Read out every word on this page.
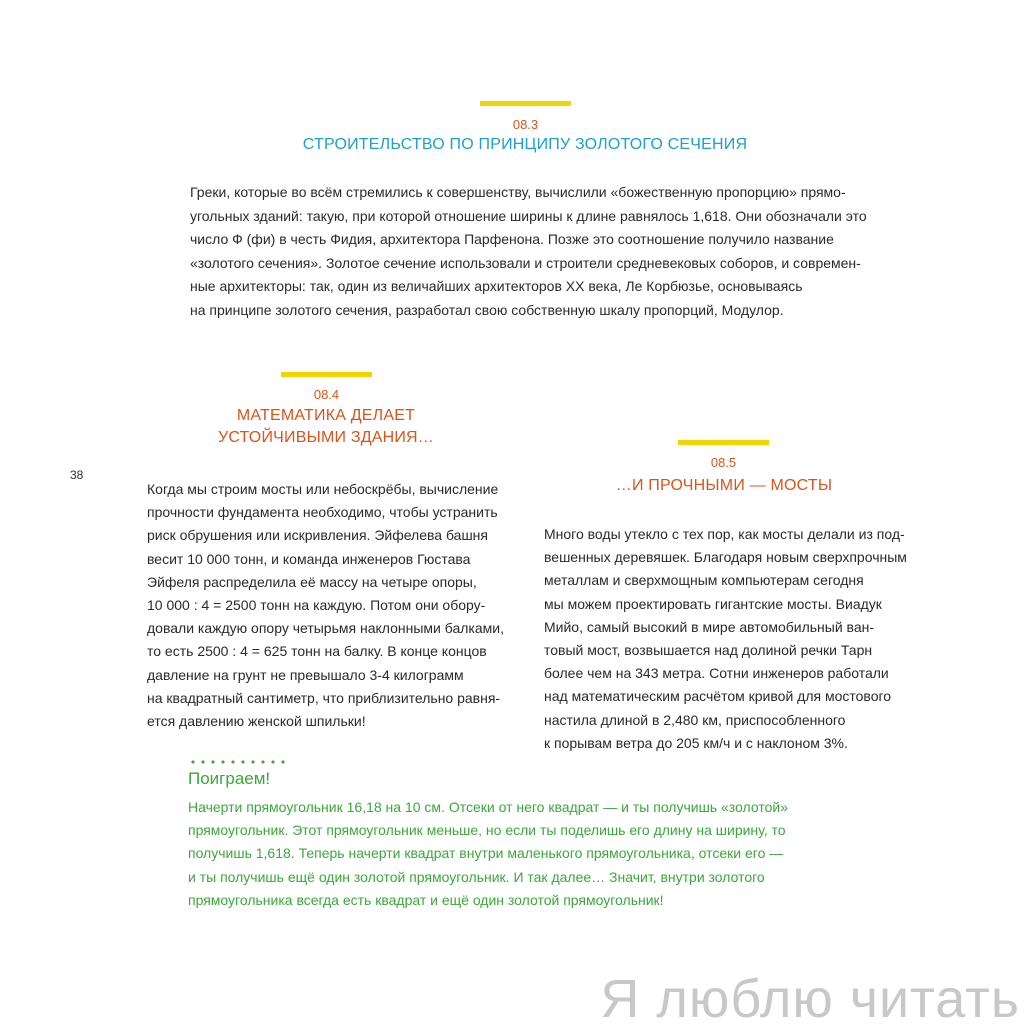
08.3
СТРОИТЕЛЬСТВО ПО ПРИНЦИПУ ЗОЛОТОГО СЕЧЕНИЯ
Греки, которые во всём стремились к совершенству, вычислили «божественную пропорцию» прямо-
угольных зданий: такую, при которой отношение ширины к длине равнялось 1,618. Они обозначали это
число Ф (фи) в честь Фидия, архитектора Парфенона. Позже это соотношение получило название
«золотого сечения». Золотое сечение использовали и строители средневековых соборов, и современ-
ные архитекторы: так, один из величайших архитекторов XX века, Ле Корбюзье, основываясь
на принципе золотого сечения, разработал свою собственную шкалу пропорций, Модулор.
08.4
МАТЕМАТИКА ДЕЛАЕТ
УСТОЙЧИВЫМИ ЗДАНИЯ…
38
Когда мы строим мосты или небоскрёбы, вычисление
прочности фундамента необходимо, чтобы устранить
риск обрушения или искривления. Эйфелева башня
весит 10 000 тонн, и команда инженеров Гюстава
Эйфеля распределила её массу на четыре опоры,
10 000 : 4 = 2500 тонн на каждую. Потом они обору-
довали каждую опору четырьмя наклонными балками,
то есть 2500 : 4 = 625 тонн на балку. В конце концов
давление на грунт не превышало 3-4 килограмм
на квадратный сантиметр, что приблизительно равня-
ется давлению женской шпильки!
08.5
…И ПРОЧНЫМИ — МОСТЫ
Много воды утекло с тех пор, как мосты делали из под-
вешенных деревяшек. Благодаря новым сверхпрочным
металлам и сверхмощным компьютерам сегодня
мы можем проектировать гигантские мосты. Виадук
Мийо, самый высокий в мире автомобильный ван-
товый мост, возвышается над долиной речки Тарн
более чем на 343 метра. Сотни инженеров работали
над математическим расчётом кривой для мостового
настила длиной в 2,480 км, приспособленного
к порывам ветра до 205 км/ч и с наклоном 3%.
Поиграем!
Начерти прямоугольник 16,18 на 10 см. Отсеки от него квадрат — и ты получишь «золотой»
прямоугольник. Этот прямоугольник меньше, но если ты поделишь его длину на ширину, то
получишь 1,618. Теперь начерти квадрат внутри маленького прямоугольника, отсеки его —
и ты получишь ещё один золотой прямоугольник. И так далее… Значит, внутри золотого
прямоугольника всегда есть квадрат и ещё один золотой прямоугольник!
Я люблю читать
